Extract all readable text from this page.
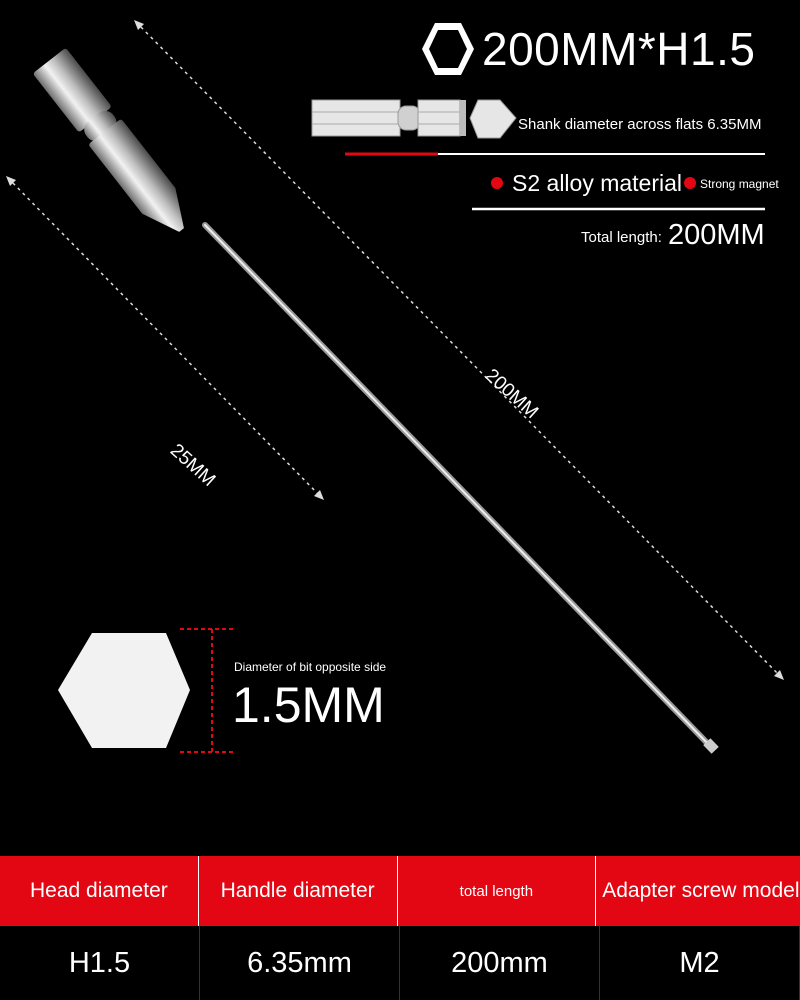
200MM*H1.5
Shank diameter across flats 6.35MM
S2 alloy material Strong magnet
Total length: 200MM
200MM
25MM
Diameter of bit opposite side
1.5MM
Head diameter	Handle diameter	total length	Adapter screw model
H1.5	6.35mm	200mm	M2
